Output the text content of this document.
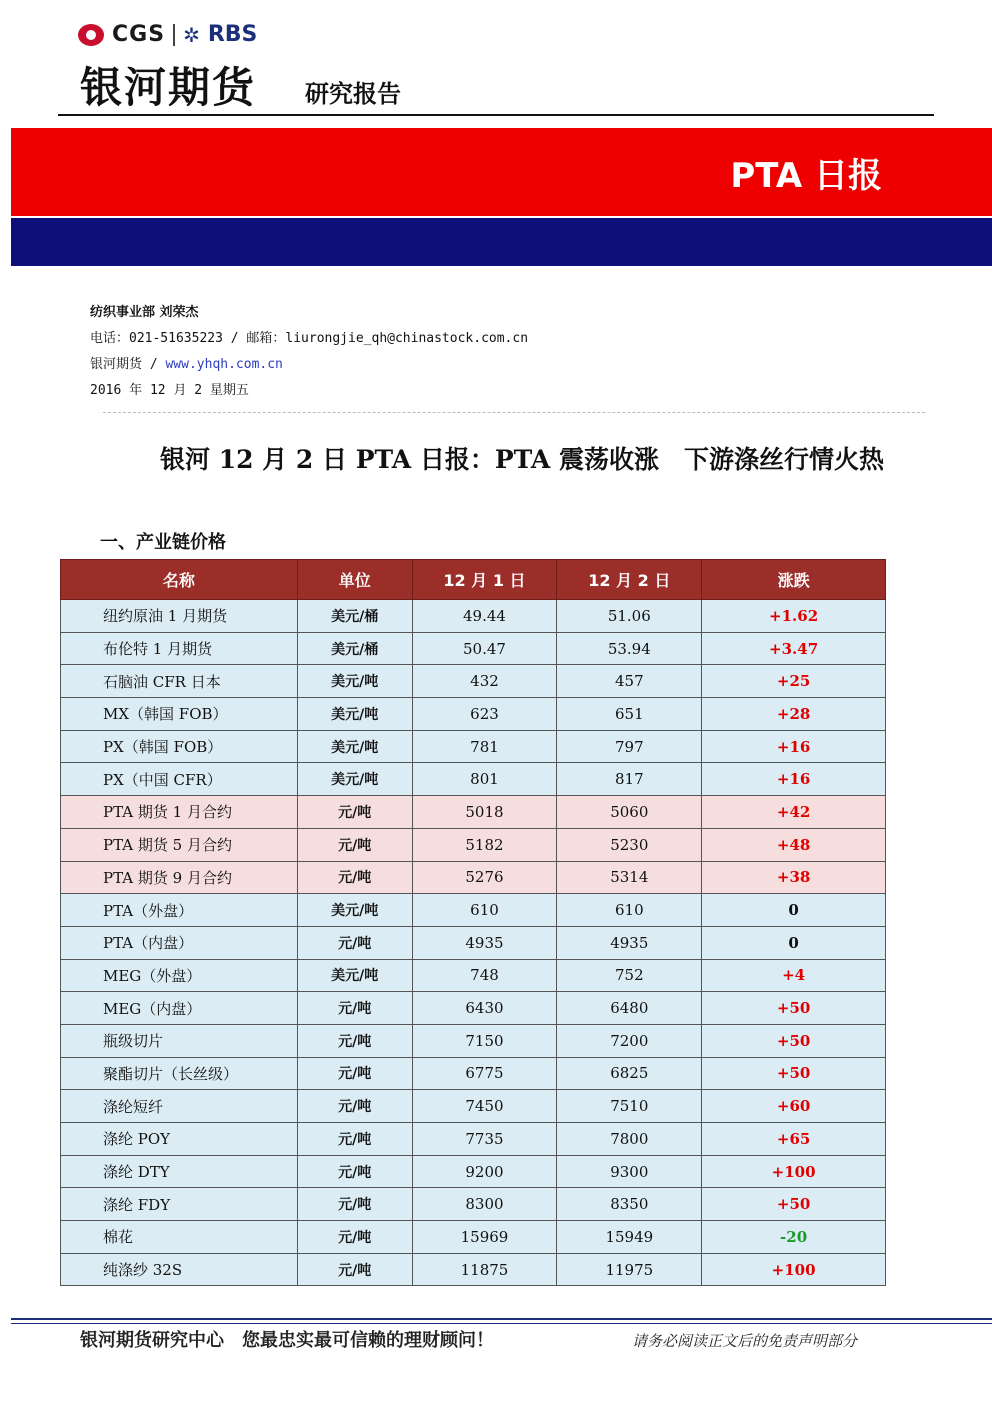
CGS ✲ RBS
银河期货 研究报告
PTA 日报
纺织事业部 刘荣杰
电话：021-51635223 / 邮箱：liurongjie_qh@chinastock.com.cn
银河期货 / www.yhqh.com.cn
2016 年 12 月 2 星期五
银河 12 月 2 日 PTA 日报：PTA 震荡收涨　下游涤丝行情火热
一、产业链价格
名称	单位	12 月 1 日	12 月 2 日	涨跌
纽约原油 1 月期货	美元/桶	49.44	51.06	+1.62
布伦特 1 月期货	美元/桶	50.47	53.94	+3.47
石脑油 CFR 日本	美元/吨	432	457	+25
MX（韩国 FOB）	美元/吨	623	651	+28
PX（韩国 FOB）	美元/吨	781	797	+16
PX（中国 CFR）	美元/吨	801	817	+16
PTA 期货 1 月合约	元/吨	5018	5060	+42
PTA 期货 5 月合约	元/吨	5182	5230	+48
PTA 期货 9 月合约	元/吨	5276	5314	+38
PTA（外盘）	美元/吨	610	610	0
PTA（内盘）	元/吨	4935	4935	0
MEG（外盘）	美元/吨	748	752	+4
MEG（内盘）	元/吨	6430	6480	+50
瓶级切片	元/吨	7150	7200	+50
聚酯切片（长丝级）	元/吨	6775	6825	+50
涤纶短纤	元/吨	7450	7510	+60
涤纶 POY	元/吨	7735	7800	+65
涤纶 DTY	元/吨	9200	9300	+100
涤纶 FDY	元/吨	8300	8350	+50
棉花	元/吨	15969	15949	-20
纯涤纱 32S	元/吨	11875	11975	+100
银河期货研究中心　您最忠实最可信赖的理财顾问！	请务必阅读正文后的免责声明部分
